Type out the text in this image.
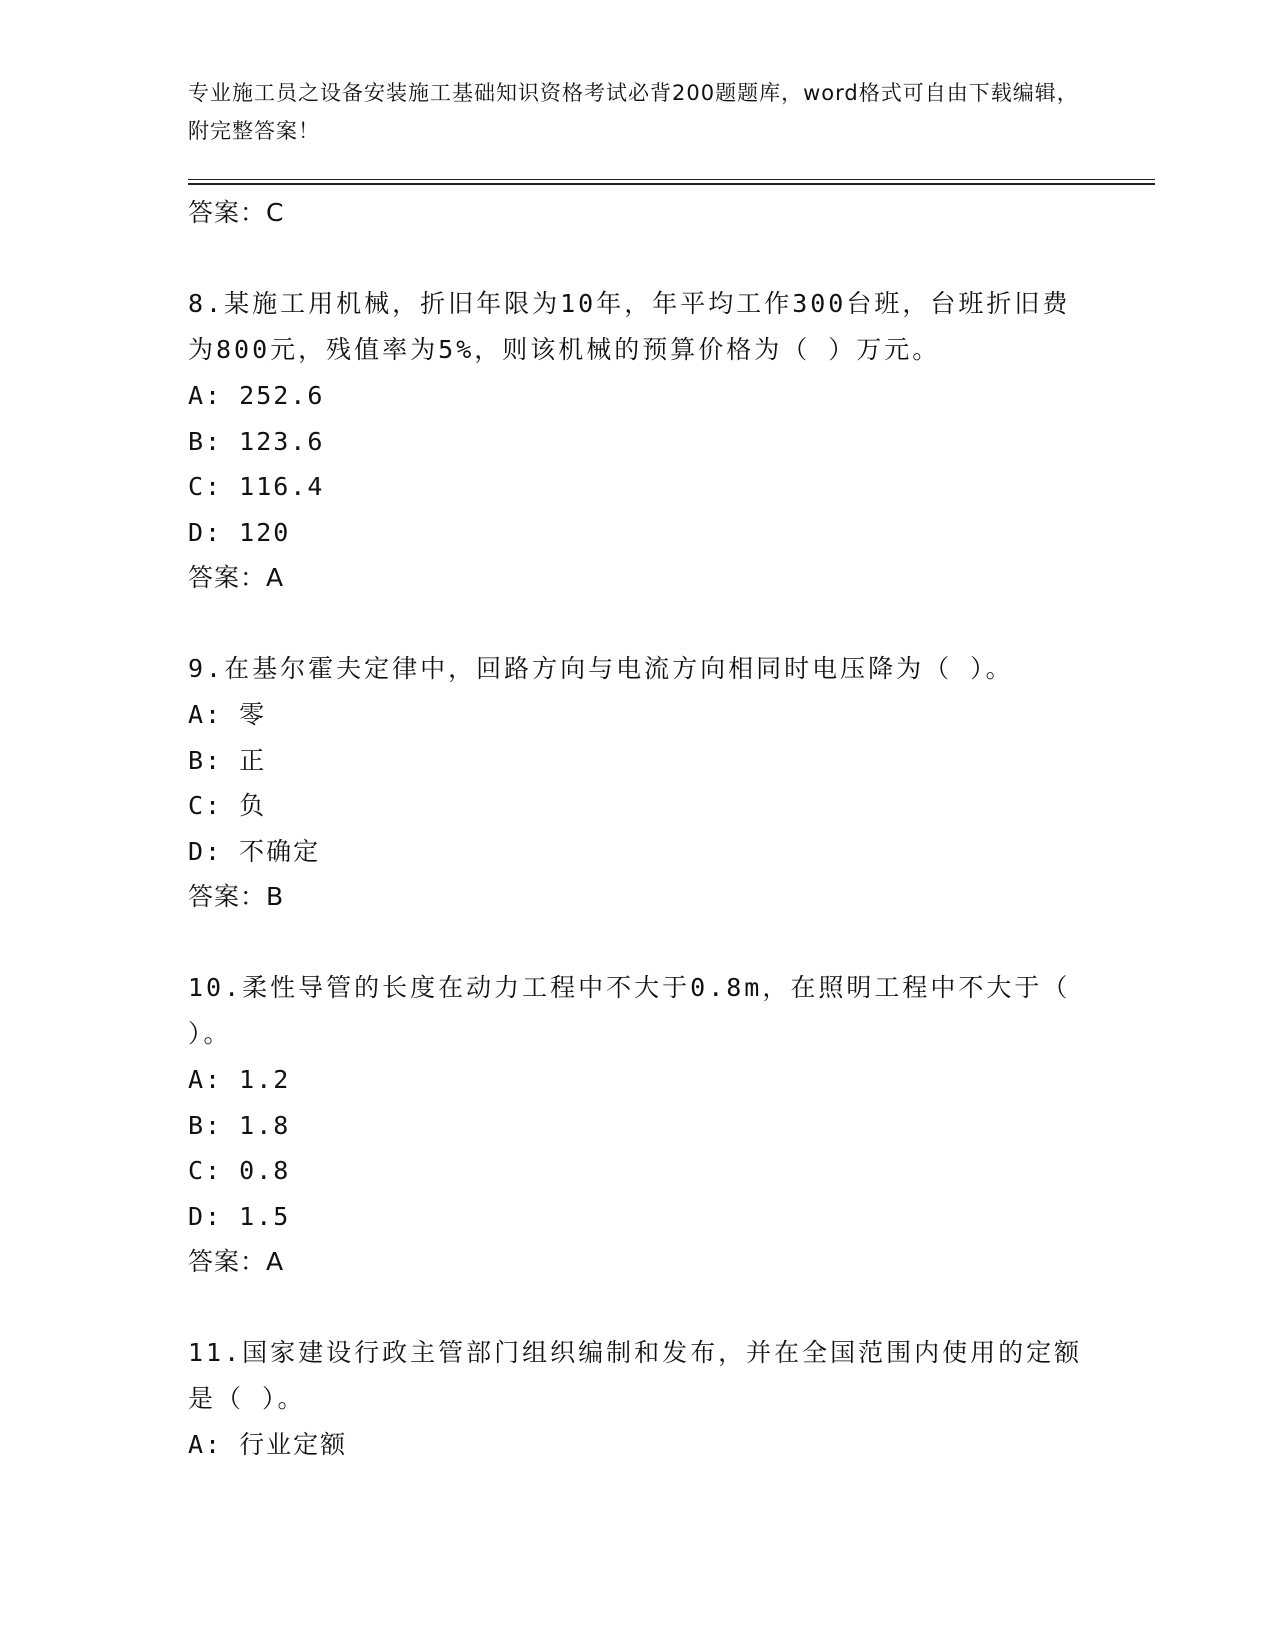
专业施工员之设备安装施工基础知识资格考试必背200题题库，word格式可自由下载编辑，附完整答案！
答案：C
8.某施工用机械，折旧年限为10年，年平均工作300台班，台班折旧费为800元，残值率为5%，则该机械的预算价格为（ ）万元。
A: 252.6
B: 123.6
C: 116.4
D: 120
答案：A
9.在基尔霍夫定律中，回路方向与电流方向相同时电压降为（ ）。
A: 零
B: 正
C: 负
D: 不确定
答案：B
10.柔性导管的长度在动力工程中不大于0.8m，在照明工程中不大于（ ）。
A: 1.2
B: 1.8
C: 0.8
D: 1.5
答案：A
11.国家建设行政主管部门组织编制和发布，并在全国范围内使用的定额是（ ）。
A: 行业定额
